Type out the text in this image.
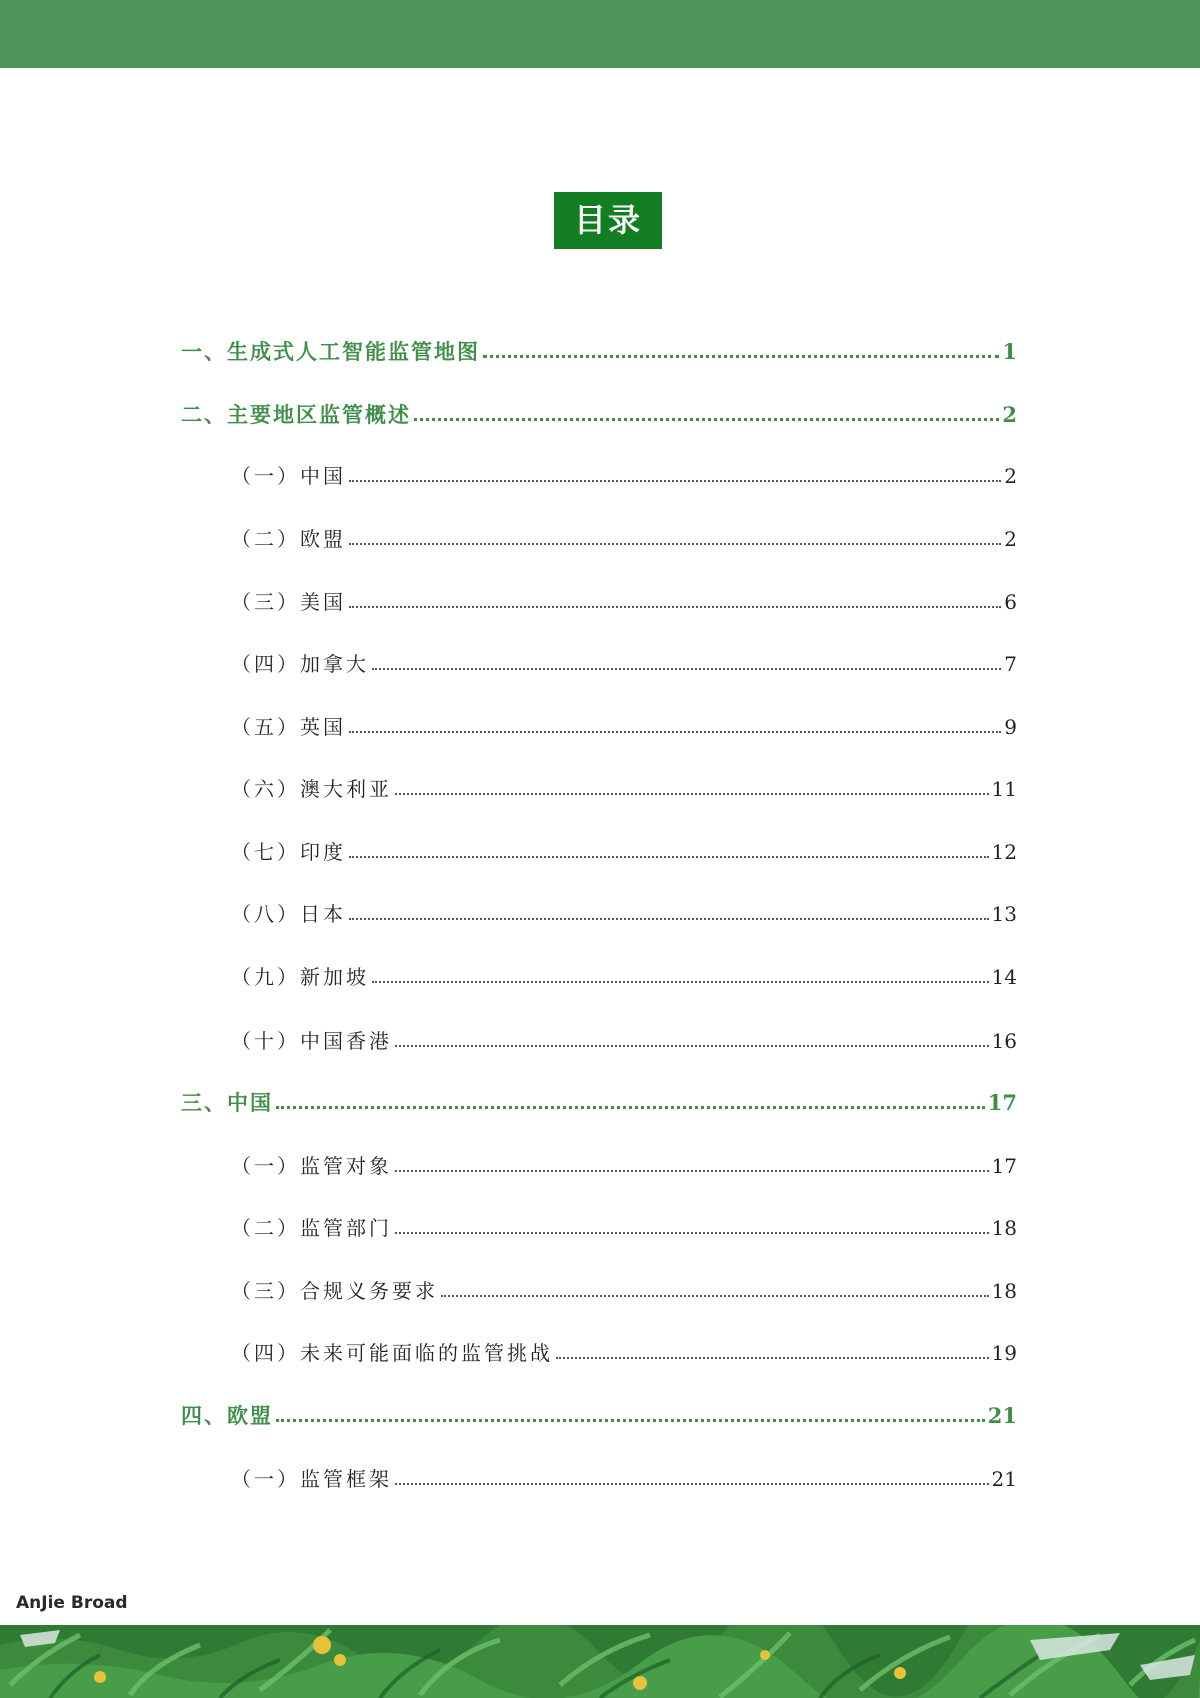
目录
一、生成式人工智能监管地图	1
二、主要地区监管概述	2
（一）中国	2
（二）欧盟	2
（三）美国	6
（四）加拿大	7
（五）英国	9
（六）澳大利亚	11
（七）印度	12
（八）日本	13
（九）新加坡	14
（十）中国香港	16
三、中国	17
（一）监管对象	17
（二）监管部门	18
（三）合规义务要求	18
（四）未来可能面临的监管挑战	19
四、欧盟	21
（一）监管框架	21
AnJie Broad
